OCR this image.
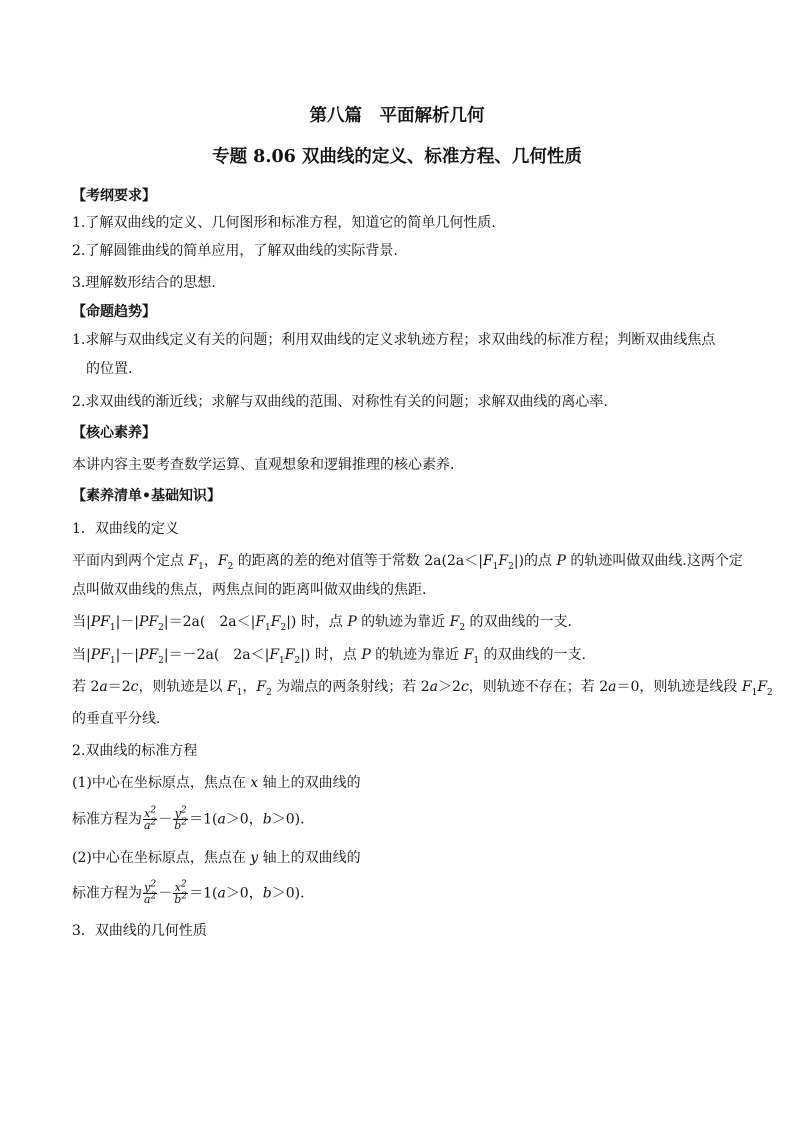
第八篇　平面解析几何
专题 8.06 双曲线的定义、标准方程、几何性质
【考纲要求】
1.了解双曲线的定义、几何图形和标准方程，知道它的简单几何性质.
2.了解圆锥曲线的简单应用，了解双曲线的实际背景.
3.理解数形结合的思想.
【命题趋势】
1.求解与双曲线定义有关的问题；利用双曲线的定义求轨迹方程；求双曲线的标准方程；判断双曲线焦点
的位置.
2.求双曲线的渐近线；求解与双曲线的范围、对称性有关的问题；求解双曲线的离心率.
【核心素养】
本讲内容主要考查数学运算、直观想象和逻辑推理的核心素养.
【素养清单•基础知识】
1．双曲线的定义
平面内到两个定点 $F_1$，$F_2$ 的距离的差的绝对值等于常数 $2a(2a<|F_1F_2|)$的点 P 的轨迹叫做双曲线.这两个定
点叫做双曲线的焦点，两焦点间的距离叫做双曲线的焦距.
当$|PF_1|-|PF_2|=2a$(　$2a<|F_1F_2|$) 时，点 P 的轨迹为靠近 $F_2$ 的双曲线的一支.
当$|PF_1|-|PF_2|=-2a$(　$2a<|F_1F_2|$) 时，点 P 的轨迹为靠近 $F_1$ 的双曲线的一支.
若 2a＝2c，则轨迹是以 $F_1$，$F_2$ 为端点的两条射线；若 2a＞2c，则轨迹不存在；若 2a＝0，则轨迹是线段 $F_1F_2$
的垂直平分线.
2.双曲线的标准方程
(1)中心在坐标原点，焦点在 x 轴上的双曲线的
标准方程为 $\frac{x^2}{a^2} - \frac{y^2}{b^2} =1(a>0$，b＞0)．
(2)中心在坐标原点，焦点在 y 轴上的双曲线的
标准方程为 $\frac{y^2}{a^2} - \frac{x^2}{b^2} =1(a>0$，b＞0)．
3．双曲线的几何性质
